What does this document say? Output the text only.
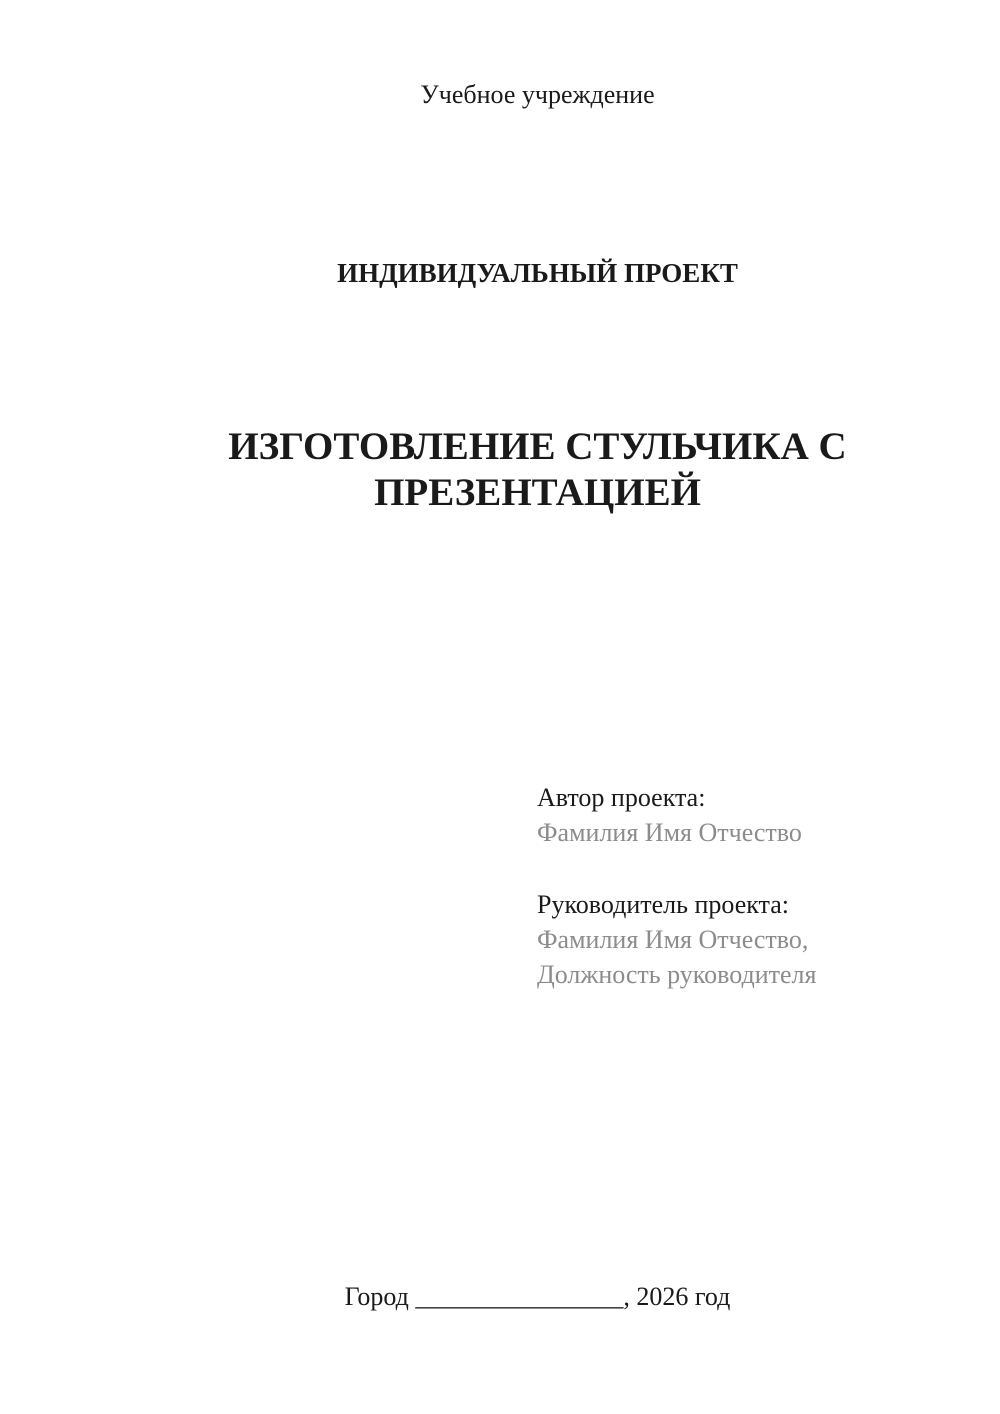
Учебное учреждение

ИНДИВИДУАЛЬНЫЙ ПРОЕКТ

ИЗГОТОВЛЕНИЕ СТУЛЬЧИКА С ПРЕЗЕНТАЦИЕЙ

Автор проекта:

Фамилия Имя Отчество

Руководитель проекта:

Фамилия Имя Отчество,

Должность руководителя

Город ________________, 2026 год
